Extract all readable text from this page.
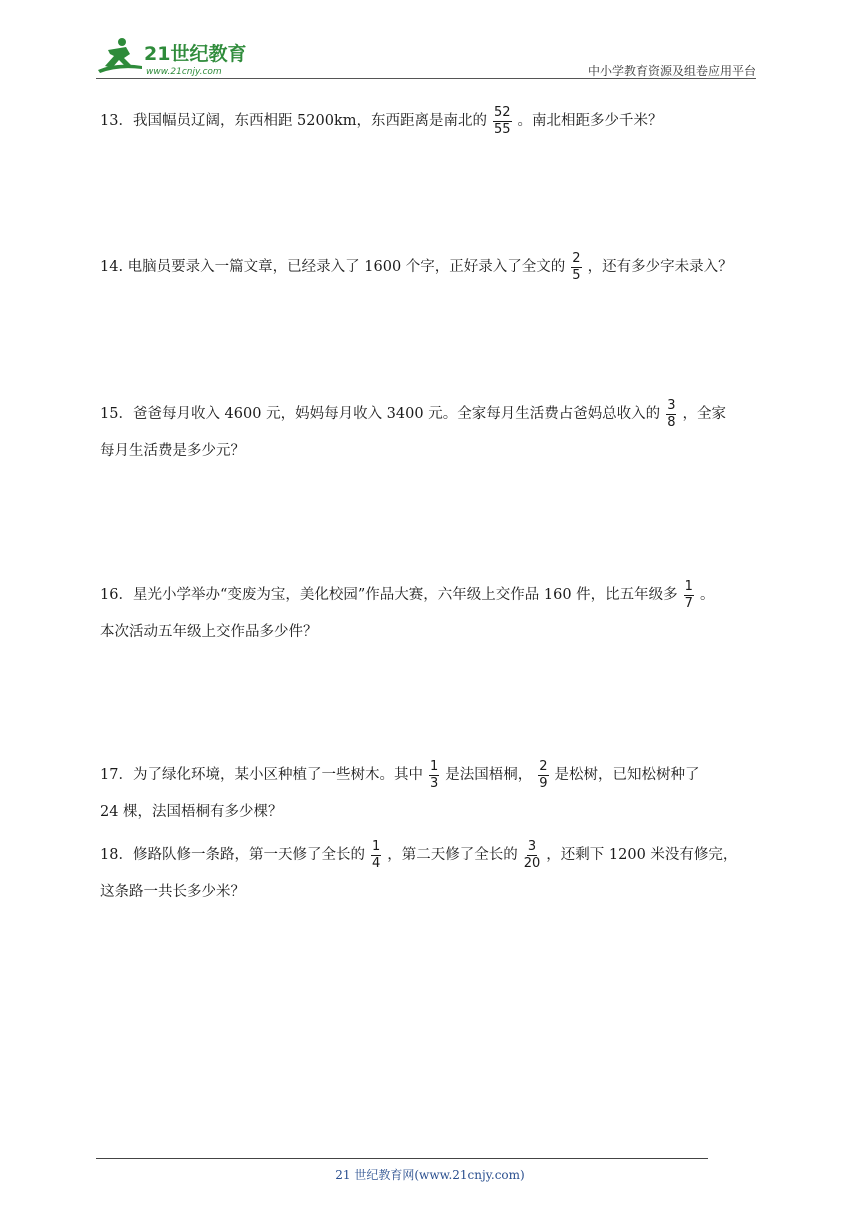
21世纪教育
www.21cnjy.com	中小学教育资源及组卷应用平台
13．我国幅员辽阔，东西相距 5200km，东西距离是南北的 $\frac{52}{55}$ 。南北相距多少千米？
14. 电脑员要录入一篇文章，已经录入了 1600 个字，正好录入了全文的 $\frac{2}{5}$ ，还有多少字未录入？
15．爸爸每月收入 4600 元，妈妈每月收入 3400 元。全家每月生活费占爸妈总收入的 $\frac{3}{8}$ ，全家
每月生活费是多少元？
16．星光小学举办“变废为宝，美化校园”作品大赛，六年级上交作品 160 件，比五年级多 $\frac{1}{7}$ 。
本次活动五年级上交作品多少件？
17．为了绿化环境，某小区种植了一些树木。其中 $\frac{1}{3}$ 是法国梧桐， $\frac{2}{9}$ 是松树，已知松树种了
24 棵，法国梧桐有多少棵？
18．修路队修一条路，第一天修了全长的 $\frac{1}{4}$ ，第二天修了全长的 $\frac{3}{20}$ ，还剩下 1200 米没有修完，
这条路一共长多少米？
21 世纪教育网(www.21cnjy.com)
